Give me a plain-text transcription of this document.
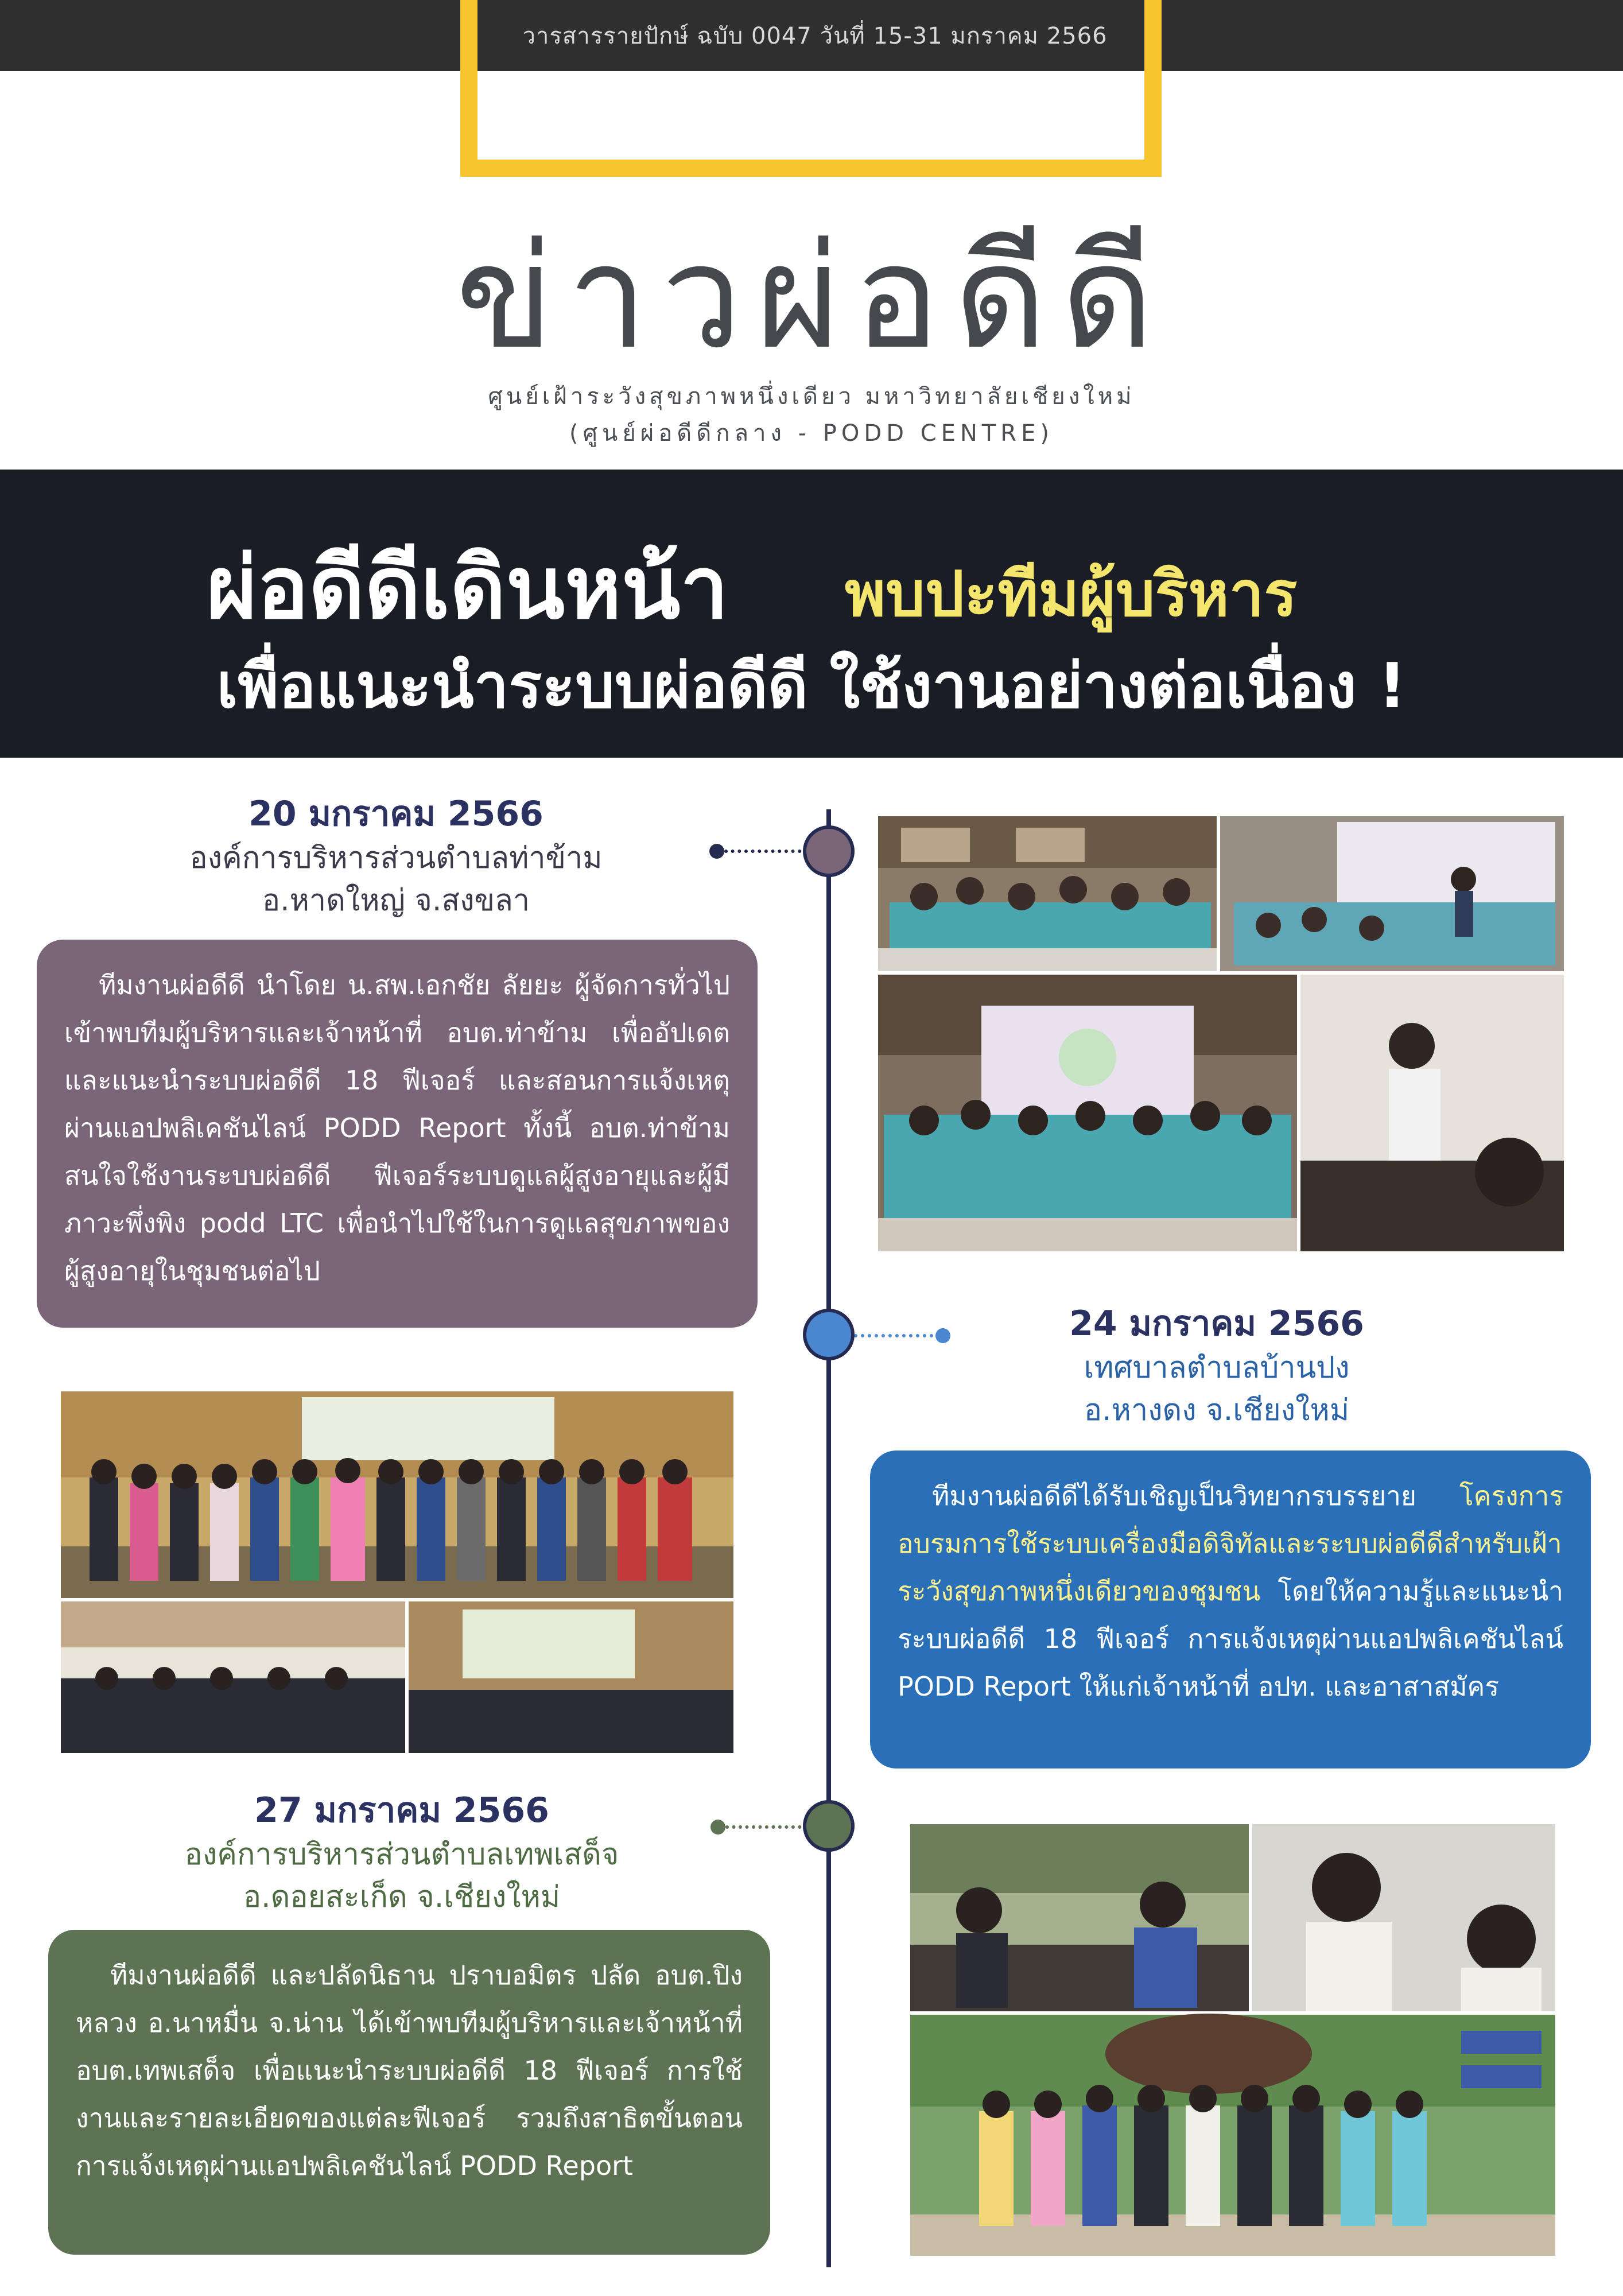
วารสารรายปักษ์ ฉบับ 0047 วันที่ 15-31 มกราคม 2566
ข่าวผ่อดีดี
ศูนย์เฝ้าระวังสุขภาพหนึ่งเดียว มหาวิทยาลัยเชียงใหม่
(ศูนย์ผ่อดีดีกลาง - PODD CENTRE)
ผ่อดีดีเดินหน้า พบปะทีมผู้บริหาร
เพื่อแนะนำระบบผ่อดีดี ใช้งานอย่างต่อเนื่อง !
20 มกราคม 2566
องค์การบริหารส่วนตำบลท่าข้าม
อ.หาดใหญ่ จ.สงขลา

ทีมงานผ่อดีดี นำโดย น.สพ.เอกชัย ลัยยะ ผู้จัดการทั่วไป เข้าพบทีมผู้บริหารและเจ้าหน้าที่ อบต.ท่าข้าม เพื่ออัปเดตและแนะนำระบบผ่อดีดี 18 ฟีเจอร์ และสอนการแจ้งเหตุผ่านแอปพลิเคชันไลน์ PODD Report ทั้งนี้ อบต.ท่าข้ามสนใจใช้งานระบบผ่อดีดี ฟีเจอร์ระบบดูแลผู้สูงอายุและผู้มีภาวะพึ่งพิง podd LTC เพื่อนำไปใช้ในการดูแลสุขภาพของผู้สูงอายุในชุมชนต่อไป

24 มกราคม 2566
เทศบาลตำบลบ้านปง
อ.หางดง จ.เชียงใหม่

ทีมงานผ่อดีดีได้รับเชิญเป็นวิทยากรบรรยาย โครงการอบรมการใช้ระบบเครื่องมือดิจิทัลและระบบผ่อดีดีสำหรับเฝ้าระวังสุขภาพหนึ่งเดียวของชุมชน โดยให้ความรู้และแนะนำระบบผ่อดีดี 18 ฟีเจอร์ การแจ้งเหตุผ่านแอปพลิเคชันไลน์ PODD Report ให้แก่เจ้าหน้าที่ อปท. และอาสาสมัคร

27 มกราคม 2566
องค์การบริหารส่วนตำบลเทพเสด็จ
อ.ดอยสะเก็ด จ.เชียงใหม่

ทีมงานผ่อดีดี และปลัดนิธาน ปราบอมิตร ปลัด อบต.ปิงหลวง อ.นาหมื่น จ.น่าน ได้เข้าพบทีมผู้บริหารและเจ้าหน้าที่ อบต.เทพเสด็จ เพื่อแนะนำระบบผ่อดีดี 18 ฟีเจอร์ การใช้งานและรายละเอียดของแต่ละฟีเจอร์ รวมถึงสาธิตขั้นตอนการแจ้งเหตุผ่านแอปพลิเคชันไลน์ PODD Report
